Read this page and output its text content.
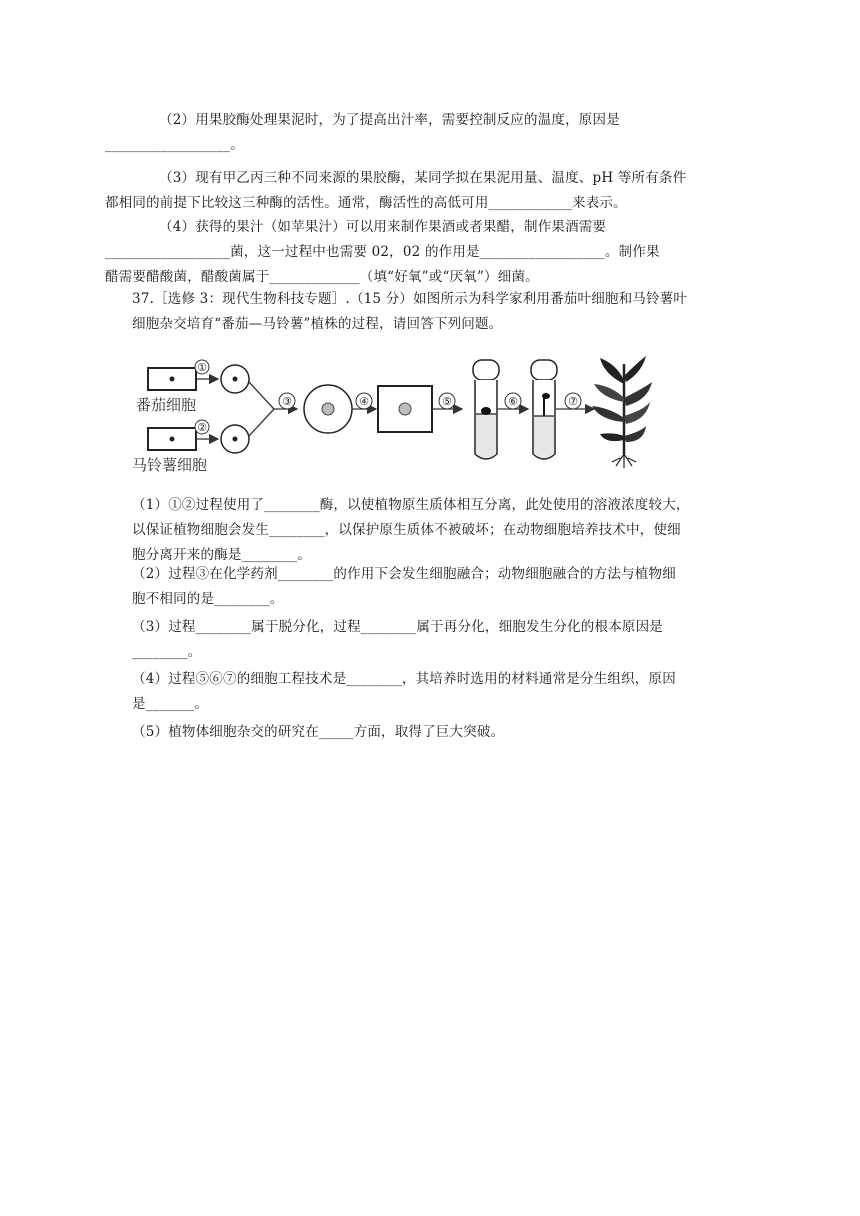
（2）用果胶酶处理果泥时，为了提高出汁率，需要控制反应的温度，原因是
__________________。

（3）现有甲乙丙三种不同来源的果胶酶，某同学拟在果泥用量、温度、pH 等所有条件
都相同的前提下比较这三种酶的活性。通常，酶活性的高低可用____________来表示。

（4）获得的果汁（如苹果汁）可以用来制作果酒或者果醋，制作果酒需要
__________________菌，这一过程中也需要 02，02 的作用是__________________。制作果
醋需要醋酸菌，醋酸菌属于_____________（填“好氧”或“厌氧”）细菌。

37.［选修 3：现代生物科技专题］.（15 分）如图所示为科学家利用番茄叶细胞和马铃薯叶
细胞杂交培育“番茄—马铃薯”植株的过程，请回答下列问题。

番茄细胞
马铃薯细胞
①
②
③	④	⑤	⑥	⑦

（1）①②过程使用了________酶，以使植物原生质体相互分离，此处使用的溶液浓度较大，
以保证植物细胞会发生________，以保护原生质体不被破坏；在动物细胞培养技术中，使细
胞分离开来的酶是________。

（2）过程③在化学药剂________的作用下会发生细胞融合；动物细胞融合的方法与植物细
胞不相同的是________。

（3）过程________属于脱分化，过程________属于再分化，细胞发生分化的根本原因是
________。

（4）过程⑤⑥⑦的细胞工程技术是________，其培养时选用的材料通常是分生组织，原因
是_______。

（5）植物体细胞杂交的研究在_____方面，取得了巨大突破。
